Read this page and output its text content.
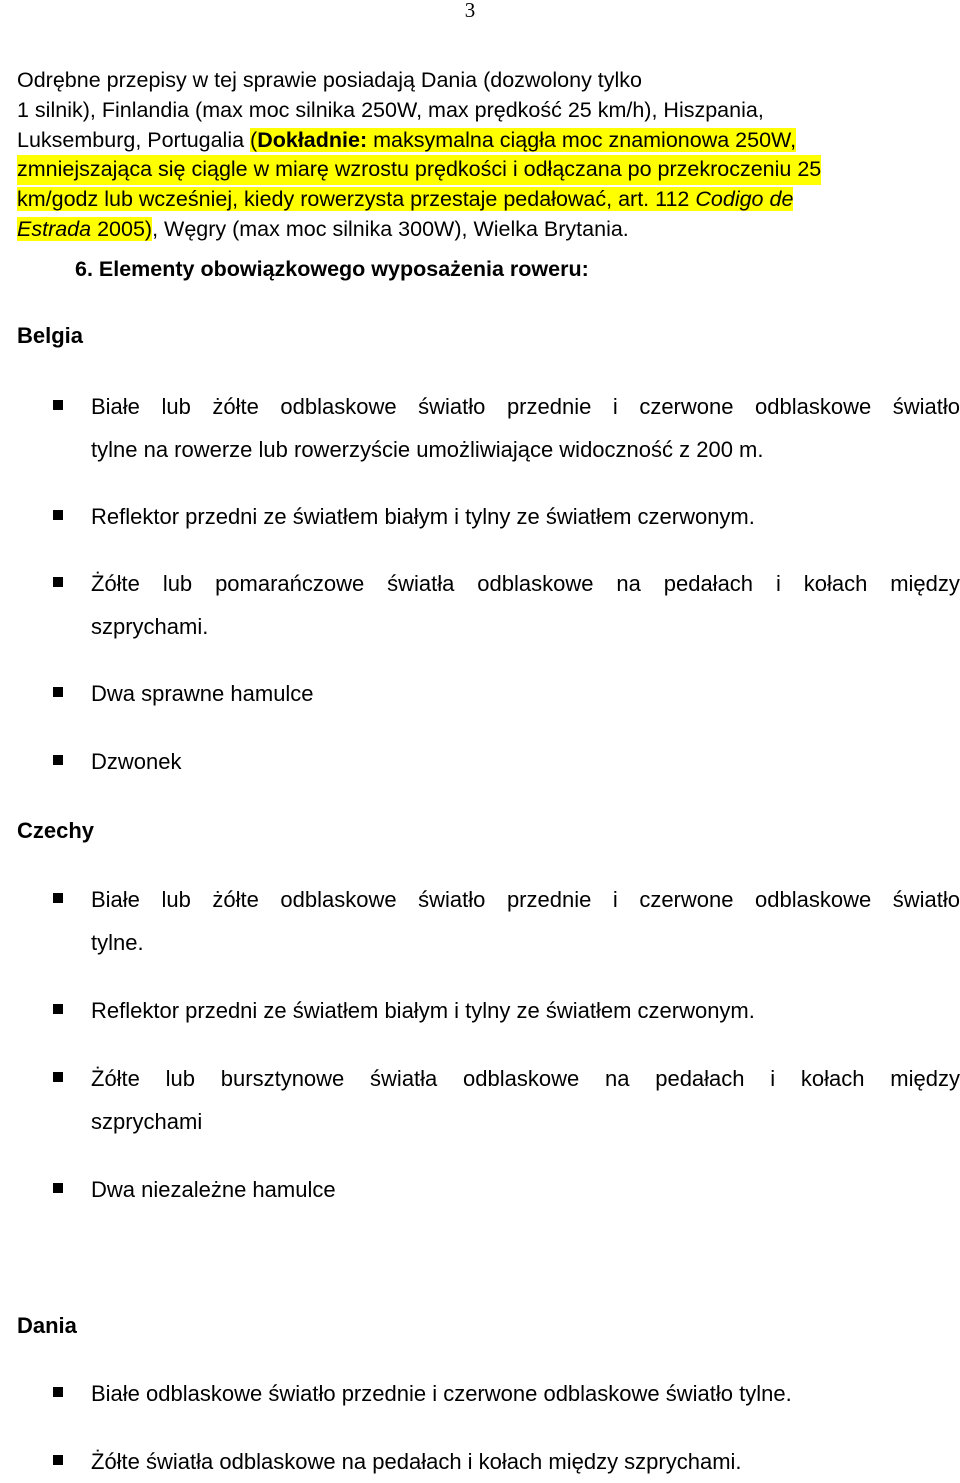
3
Odrębne przepisy w tej sprawie posiadają Dania (dozwolony tylko
1 silnik), Finlandia (max moc silnika 250W, max prędkość 25 km/h), Hiszpania,
Luksemburg, Portugalia (Dokładnie: maksymalna ciągła moc znamionowa 250W,
zmniejszająca się ciągle w miarę wzrostu prędkości i odłączana po przekroczeniu 25
km/godz lub wcześniej, kiedy rowerzysta przestaje pedałować, art. 112 Codigo de
Estrada 2005), Węgry (max moc silnika 300W), Wielka Brytania.
6. Elementy obowiązkowego wyposażenia roweru:
Belgia
Białe lub żółte odblaskowe światło przednie i czerwone odblaskowe światło
tylne na rowerze lub rowerzyście umożliwiające widoczność z 200 m.
Reflektor przedni ze światłem białym i tylny ze światłem czerwonym.
Żółte lub pomarańczowe światła odblaskowe na pedałach i kołach między
szprychami.
Dwa sprawne hamulce
Dzwonek
Czechy
Białe lub żółte odblaskowe światło przednie i czerwone odblaskowe światło
tylne.
Reflektor przedni ze światłem białym i tylny ze światłem czerwonym.
Żółte lub bursztynowe światła odblaskowe na pedałach i kołach między
szprychami
Dwa niezależne hamulce
Dania
Białe odblaskowe światło przednie i czerwone odblaskowe światło tylne.
Żółte światła odblaskowe na pedałach i kołach między szprychami.
